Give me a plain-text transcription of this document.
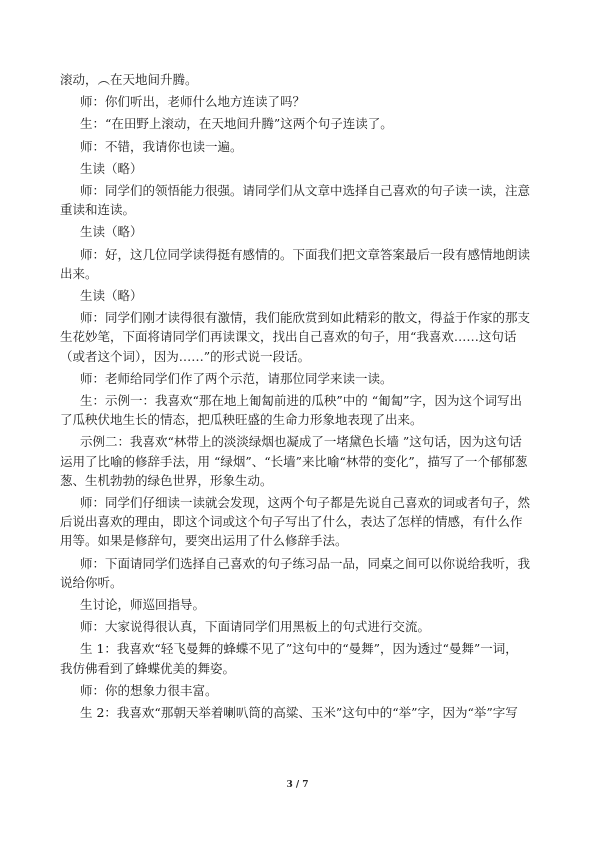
滚动，︵在天地间升腾。

师：你们听出，老师什么地方连读了吗？

生：“在田野上滚动，在天地间升腾”这两个句子连读了。

师：不错，我请你也读一遍。

生读（略）

师：同学们的领悟能力很强。请同学们从文章中选择自己喜欢的句子读一读，注意重读和连读。

生读（略）

师：好，这几位同学读得挺有感情的。下面我们把文章答案最后一段有感情地朗读出来。

生读（略）

师：同学们刚才读得很有激情，我们能欣赏到如此精彩的散文，得益于作家的那支生花妙笔，下面将请同学们再读课文，找出自己喜欢的句子，用“我喜欢……这句话（或者这个词），因为……”的形式说一段话。

师：老师给同学们作了两个示范，请那位同学来读一读。

生：示例一：我喜欢“那在地上匍匐前进的瓜秧”中的 “匍匐”字，因为这个词写出了瓜秧伏地生长的情态，把瓜秧旺盛的生命力形象地表现了出来。

示例二：我喜欢“林带上的淡淡绿烟也凝成了一堵黛色长墙 ”这句话，因为这句话运用了比喻的修辞手法，用 “绿烟”、“长墙”来比喻“林带的变化”，描写了一个郁郁葱葱、生机勃勃的绿色世界，形象生动。

师：同学们仔细读一读就会发现，这两个句子都是先说自己喜欢的词或者句子，然后说出喜欢的理由，即这个词或这个句子写出了什么，表达了怎样的情感，有什么作用等。如果是修辞句，要突出运用了什么修辞手法。

师：下面请同学们选择自己喜欢的句子练习品一品，同桌之间可以你说给我听，我说给你听。

生讨论，师巡回指导。

师：大家说得很认真，下面请同学们用黑板上的句式进行交流。

生 1：我喜欢“轻飞曼舞的蜂蝶不见了”这句中的“曼舞”，因为透过“曼舞”一词，我仿佛看到了蜂蝶优美的舞姿。

师：你的想象力很丰富。

生 2：我喜欢“那朝天举着喇叭筒的高粱、玉米”这句中的“举”字，因为“举”字写

3 / 7
